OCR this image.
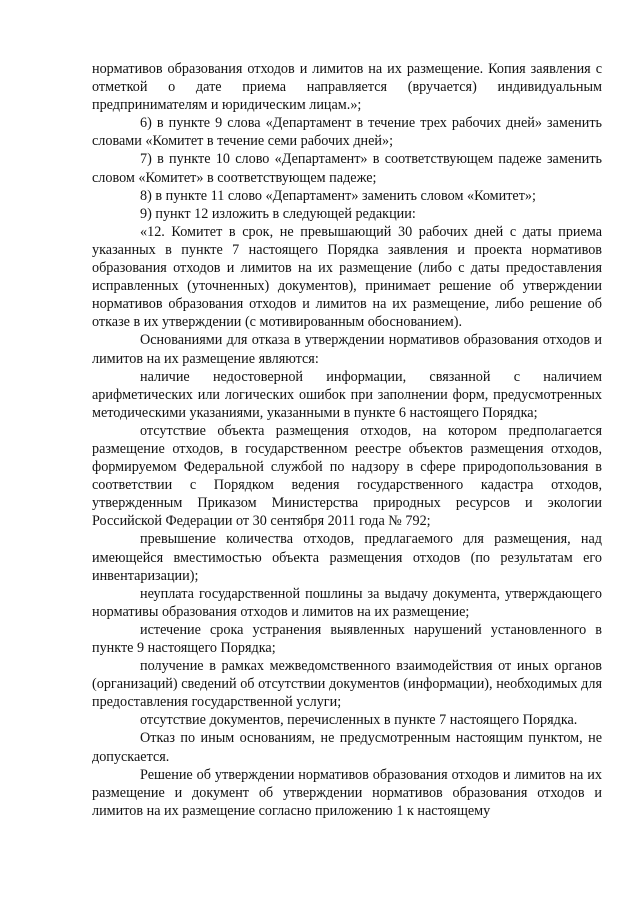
нормативов образования отходов и лимитов на их размещение. Копия заявления с отметкой о дате приема направляется (вручается) индивидуальным предпринимателям и юридическим лицам.»;

6) в пункте 9 слова «Департамент в течение трех рабочих дней» заменить словами «Комитет в течение семи рабочих дней»;

7) в пункте 10 слово «Департамент» в соответствующем падеже заменить словом «Комитет» в соответствующем падеже;

8) в пункте 11 слово «Департамент» заменить словом «Комитет»;

9) пункт 12 изложить в следующей редакции:

«12. Комитет в срок, не превышающий 30 рабочих дней с даты приема указанных в пункте 7 настоящего Порядка заявления и проекта нормативов образования отходов и лимитов на их размещение (либо с даты предоставления исправленных (уточненных) документов), принимает решение об утверждении нормативов образования отходов и лимитов на их размещение, либо решение об отказе в их утверждении (с мотивированным обоснованием).

Основаниями для отказа в утверждении нормативов образования отходов и лимитов на их размещение являются:

наличие недостоверной информации, связанной с наличием арифметических или логических ошибок при заполнении форм, предусмотренных методическими указаниями, указанными в пункте 6 настоящего Порядка;

отсутствие объекта размещения отходов, на котором предполагается размещение отходов, в государственном реестре объектов размещения отходов, формируемом Федеральной службой по надзору в сфере природопользования в соответствии с Порядком ведения государственного кадастра отходов, утвержденным Приказом Министерства природных ресурсов и экологии Российской Федерации от 30 сентября 2011 года № 792;

превышение количества отходов, предлагаемого для размещения, над имеющейся вместимостью объекта размещения отходов (по результатам его инвентаризации);

неуплата государственной пошлины за выдачу документа, утверждающего нормативы образования отходов и лимитов на их размещение;

истечение срока устранения выявленных нарушений установленного в пункте 9 настоящего Порядка;

получение в рамках межведомственного взаимодействия от иных органов (организаций) сведений об отсутствии документов (информации), необходимых для предоставления государственной услуги;

отсутствие документов, перечисленных в пункте 7 настоящего Порядка.

Отказ по иным основаниям, не предусмотренным настоящим пунктом, не допускается.

Решение об утверждении нормативов образования отходов и лимитов на их размещение и документ об утверждении нормативов образования отходов и лимитов на их размещение согласно приложению 1 к настоящему
